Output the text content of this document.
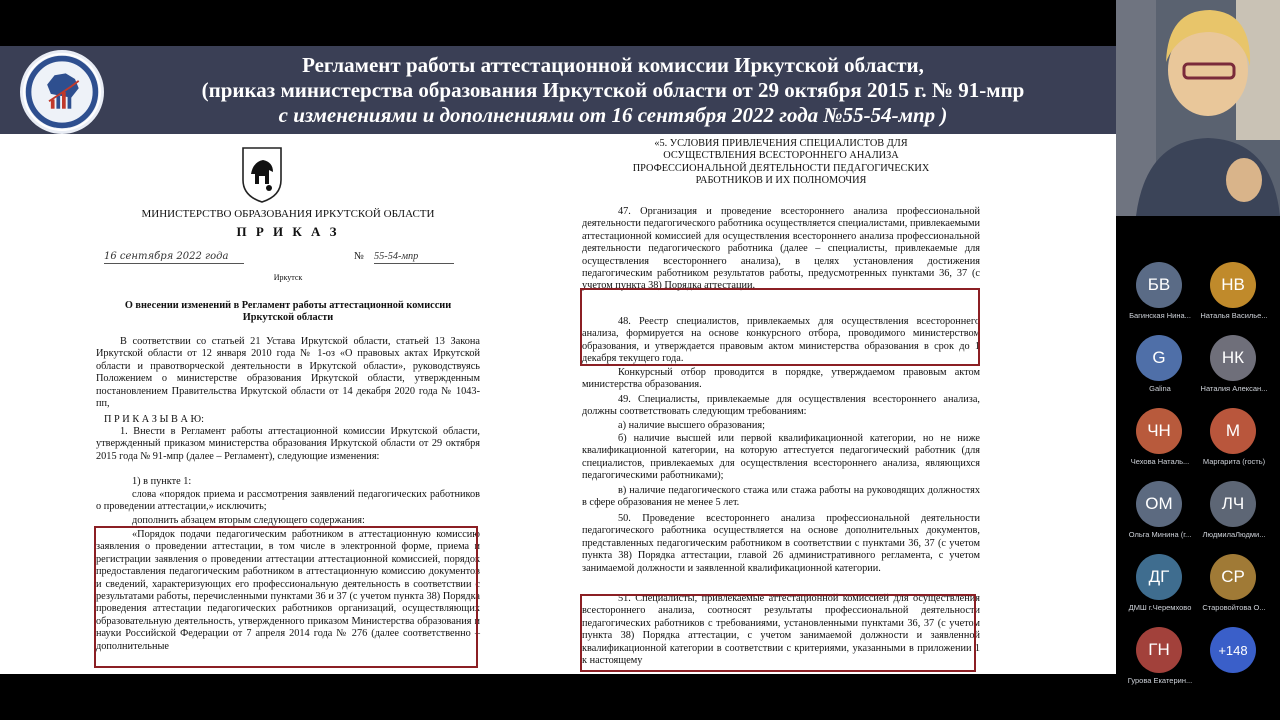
Регламент работы аттестационной комиссии Иркутской области,
(приказ министерства образования Иркутской области от 29 октября 2015 г. № 91-мпр
с изменениями и дополнениями от 16 сентября 2022 года №55-54-мпр )
МИНИСТЕРСТВО ОБРАЗОВАНИЯ ИРКУТСКОЙ ОБЛАСТИ
П Р И К А З
16 сентября 2022 года	№ 55-54-мпр
Иркутск
О внесении изменений в Регламент работы аттестационной комиссии Иркутской области
В соответствии со статьей 21 Устава Иркутской области, статьей 13 Закона Иркутской области от 12 января 2010 года № 1-оз «О правовых актах Иркутской области и правотворческой деятельности в Иркутской области», руководствуясь Положением о министерстве образования Иркутской области, утвержденным постановлением Правительства Иркутской области от 14 декабря 2020 года № 1043-пп,
П Р И К А З Ы В А Ю:
1. Внести в Регламент работы аттестационной комиссии Иркутской области, утвержденный приказом министерства образования Иркутской области от 29 октября 2015 года № 91-мпр (далее – Регламент), следующие изменения:
1) в пункте 1:
слова «порядок приема и рассмотрения заявлений педагогических работников о проведении аттестации,» исключить;
дополнить абзацем вторым следующего содержания:
«Порядок подачи педагогическим работником в аттестационную комиссию заявления о проведении аттестации, в том числе в электронной форме, приема и регистрации заявления о проведении аттестации аттестационной комиссией, порядок предоставления педагогическим работником в аттестационную комиссию документов и сведений, характеризующих его профессиональную деятельность в соответствии с результатами работы, перечисленными пунктами 36 и 37 (с учетом пункта 38) Порядка проведения аттестации педагогических работников организаций, осуществляющих образовательную деятельность, утвержденного приказом Министерства образования и науки Российской Федерации от 7 апреля 2014 года № 276 (далее соответственно – дополнительные
«5. УСЛОВИЯ ПРИВЛЕЧЕНИЯ СПЕЦИАЛИСТОВ ДЛЯ ОСУЩЕСТВЛЕНИЯ ВСЕСТОРОННЕГО АНАЛИЗА ПРОФЕССИОНАЛЬНОЙ ДЕЯТЕЛЬНОСТИ ПЕДАГОГИЧЕСКИХ РАБОТНИКОВ И ИХ ПОЛНОМОЧИЯ
47. Организация и проведение всестороннего анализа профессиональной деятельности педагогического работника осуществляется специалистами, привлекаемыми аттестационной комиссией для осуществления всестороннего анализа профессиональной деятельности педагогического работника (далее – специалисты, привлекаемые для осуществления всестороннего анализа), в целях установления достижения педагогическим работником результатов работы, предусмотренных пунктами 36, 37 (с учетом пункта 38) Порядка аттестации.
48. Реестр специалистов, привлекаемых для осуществления всестороннего анализа, формируется на основе конкурсного отбора, проводимого министерством образования, и утверждается правовым актом министерства образования в срок до 1 декабря текущего года.
Конкурсный отбор проводится в порядке, утверждаемом правовым актом министерства образования.
49. Специалисты, привлекаемые для осуществления всестороннего анализа, должны соответствовать следующим требованиям:
а) наличие высшего образования;
б) наличие высшей или первой квалификационной категории, но не ниже квалификационной категории, на которую аттестуется педагогический работник (для специалистов, привлекаемых для осуществления всестороннего анализа, являющихся педагогическими работниками);
в) наличие педагогического стажа или стажа работы на руководящих должностях в сфере образования не менее 5 лет.
50. Проведение всестороннего анализа профессиональной деятельности педагогического работника осуществляется на основе дополнительных документов, представленных педагогическим работником в соответствии с пунктами 36, 37 (с учетом пункта 38) Порядка аттестации, главой 26 административного регламента, с учетом занимаемой должности и заявленной квалификационной категории.
51. Специалисты, привлекаемые аттестационной комиссией для осуществления всестороннего анализа, соотносят результаты профессиональной деятельности педагогических работников с требованиями, установленными пунктами 36, 37 (с учетом пункта 38) Порядка аттестации, с учетом занимаемой должности и заявленной квалификационной категории в соответствии с критериями, указанными в приложении 1 к настоящему
БВ
Багинская Нина...
НВ
Наталья Василье...
G
Galina
НК
Наталия Алексан...
ЧН
Чехова Наталь...
М
Маргарита (гость)
ОМ
Ольга Минина (г...
ЛЧ
ЛюдмилаЛюдми...
ДГ
ДМШ г.Черемхово
СР
Старовойтова О...
ГН
Гурова Екатерин...
+148
